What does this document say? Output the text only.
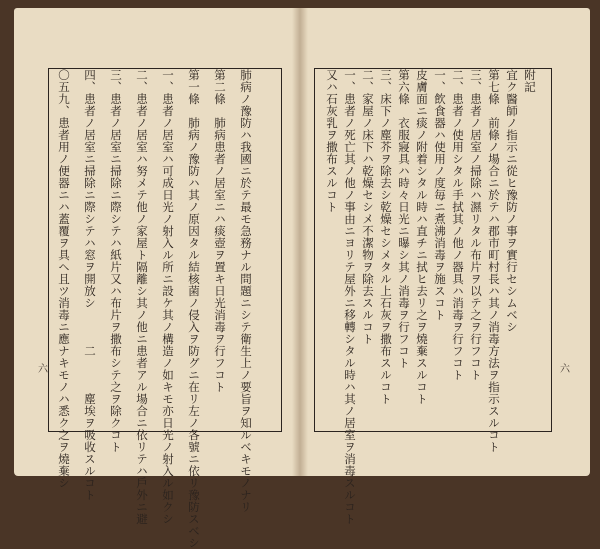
〇五九、患者用ノ便器ニハ蓋覆ヲ具ヘ且ツ消毒ニ應ナキモノハ悉ク之ヲ燒棄シ 四、患者ノ居室ニ掃除ニ際シテハ窓ヲ開放シ　　　二　　　塵埃ヲ吸收スルコト 三、患者ノ居室ニ掃除ニ際シテハ紙片又ハ布片ヲ撒布シテ之ヲ除クコト 二、患者ノ居室ハ努メテ他ノ家屋ト隔離シ其ノ他ニ患者アル場合ニ依リテハ戶外ニ避 一、患者ノ居室ハ可成日光ノ射入ル所ニ設ケ其ノ構造ノ如キモ亦日光ノ射入ル如クシ 第一條　肺病ノ豫防ハ其ノ原因タル結核菌ノ侵入ヲ防グニ在リ左ノ各號ニ依リ豫防スベシ 第二條　肺病患者ノ居室ニハ痰壺ヲ置キ日光消毒ヲ行フコト 肺病ノ豫防ハ我國ニ於テ最モ急務ナル問題ニシテ衛生上ノ要旨ヲ知ルベキモノナリ	又ハ石灰乳ヲ撒布スルコト 一、患者ノ死亡其ノ他ノ事由ニヨリテ屋外ニ移轉シタル時ハ其ノ居室ヲ消毒スルコト 二、家屋ノ床下ハ乾燥セシメ不潔物ヲ除去スルコト 三、床下ノ塵芥ヲ除去シ乾燥セシメタル上石灰ヲ撒布スルコト 第六條　衣服寢具ハ時々日光ニ曝シ其ノ消毒ヲ行フコト 皮膚面ニ痰ノ附着シタル時ハ直チニ拭ヒ去リ之ヲ燒棄スルコト 一、飲食器ハ使用ノ度毎ニ煮沸消毒ヲ施スコト 二、患者ノ使用シタル手拭其ノ他ノ器具ハ消毒ヲ行フコト 三、患者ノ居室ノ掃除ハ濕リタル布片ヲ以テ之ヲ行フコト 第七條　前條ノ場合ニ於テハ郡市町村長ハ其ノ消毒方法ヲ指示スルコト 宜ク醫師ノ指示ニ從ヒ豫防ノ事ヲ實行セシムベシ 附記
六	六
